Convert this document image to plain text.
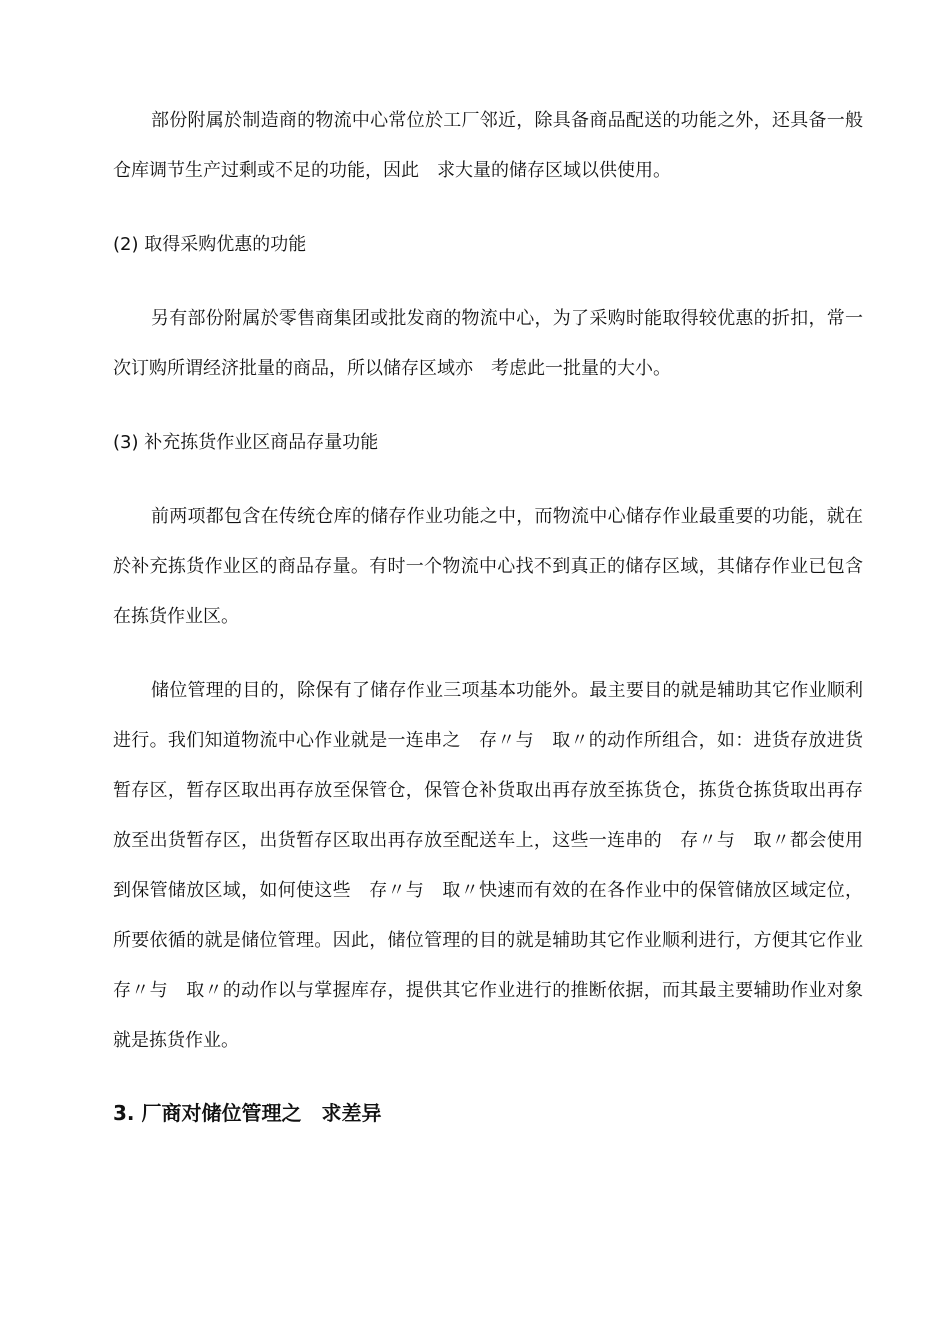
部份附属於制造商的物流中心常位於工厂邻近，除具备商品配送的功能之外，还具备一般仓库调节生产过剩或不足的功能，因此　求大量的储存区域以供使用。

(2) 取得采购优惠的功能

另有部份附属於零售商集团或批发商的物流中心，为了采购时能取得较优惠的折扣，常一次订购所谓经济批量的商品，所以储存区域亦　考虑此一批量的大小。

(3) 补充拣货作业区商品存量功能

前两项都包含在传统仓库的储存作业功能之中，而物流中心储存作业最重要的功能，就在於补充拣货作业区的商品存量。有时一个物流中心找不到真正的储存区域，其储存作业已包含在拣货作业区。

储位管理的目的，除保有了储存作业三项基本功能外。最主要目的就是辅助其它作业顺利进行。我们知道物流中心作业就是一连串之　存〃与　取〃的动作所组合，如：进货存放进货暂存区，暂存区取出再存放至保管仓，保管仓补货取出再存放至拣货仓，拣货仓拣货取出再存放至出货暂存区，出货暂存区取出再存放至配送车上，这些一连串的　存〃与　取〃都会使用到保管储放区域，如何使这些　存〃与　取〃快速而有效的在各作业中的保管储放区域定位，所要依循的就是储位管理。因此，储位管理的目的就是辅助其它作业顺利进行，方便其它作业　存〃与　取〃的动作以与掌握库存，提供其它作业进行的推断依据，而其最主要辅助作业对象就是拣货作业。

3. 厂商对储位管理之　求差异
